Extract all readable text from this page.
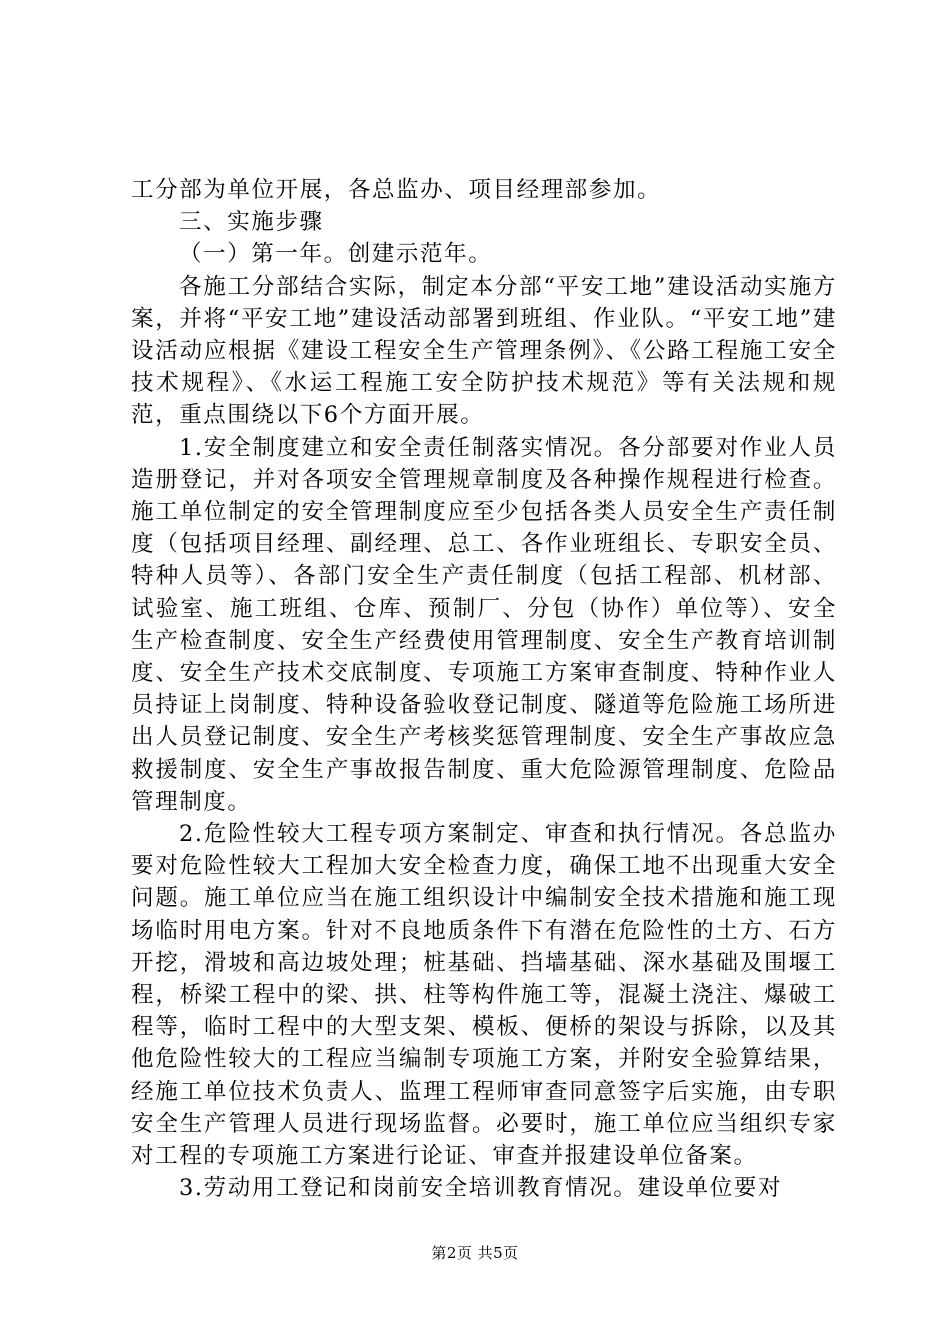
工分部为单位开展，各总监办、项目经理部参加。

三、实施步骤

（一）第一年。创建示范年。

各施工分部结合实际，制定本分部“平安工地”建设活动实施方案，并将“平安工地”建设活动部署到班组、作业队。“平安工地”建设活动应根据《建设工程安全生产管理条例》、《公路工程施工安全技术规程》、《水运工程施工安全防护技术规范》等有关法规和规范，重点围绕以下6个方面开展。

1.安全制度建立和安全责任制落实情况。各分部要对作业人员造册登记，并对各项安全管理规章制度及各种操作规程进行检查。施工单位制定的安全管理制度应至少包括各类人员安全生产责任制度（包括项目经理、副经理、总工、各作业班组长、专职安全员、特种人员等）、各部门安全生产责任制度（包括工程部、机材部、试验室、施工班组、仓库、预制厂、分包（协作）单位等）、安全生产检查制度、安全生产经费使用管理制度、安全生产教育培训制度、安全生产技术交底制度、专项施工方案审查制度、特种作业人员持证上岗制度、特种设备验收登记制度、隧道等危险施工场所进出人员登记制度、安全生产考核奖惩管理制度、安全生产事故应急救援制度、安全生产事故报告制度、重大危险源管理制度、危险品管理制度。

2.危险性较大工程专项方案制定、审查和执行情况。各总监办要对危险性较大工程加大安全检查力度，确保工地不出现重大安全问题。施工单位应当在施工组织设计中编制安全技术措施和施工现场临时用电方案。针对不良地质条件下有潜在危险性的土方、石方开挖，滑坡和高边坡处理；桩基础、挡墙基础、深水基础及围堰工程，桥梁工程中的梁、拱、柱等构件施工等，混凝土浇注、爆破工程等，临时工程中的大型支架、模板、便桥的架设与拆除，以及其他危险性较大的工程应当编制专项施工方案，并附安全验算结果，经施工单位技术负责人、监理工程师审查同意签字后实施，由专职安全生产管理人员进行现场监督。必要时，施工单位应当组织专家对工程的专项施工方案进行论证、审查并报建设单位备案。

3.劳动用工登记和岗前安全培训教育情况。建设单位要对

第2页 共5页
